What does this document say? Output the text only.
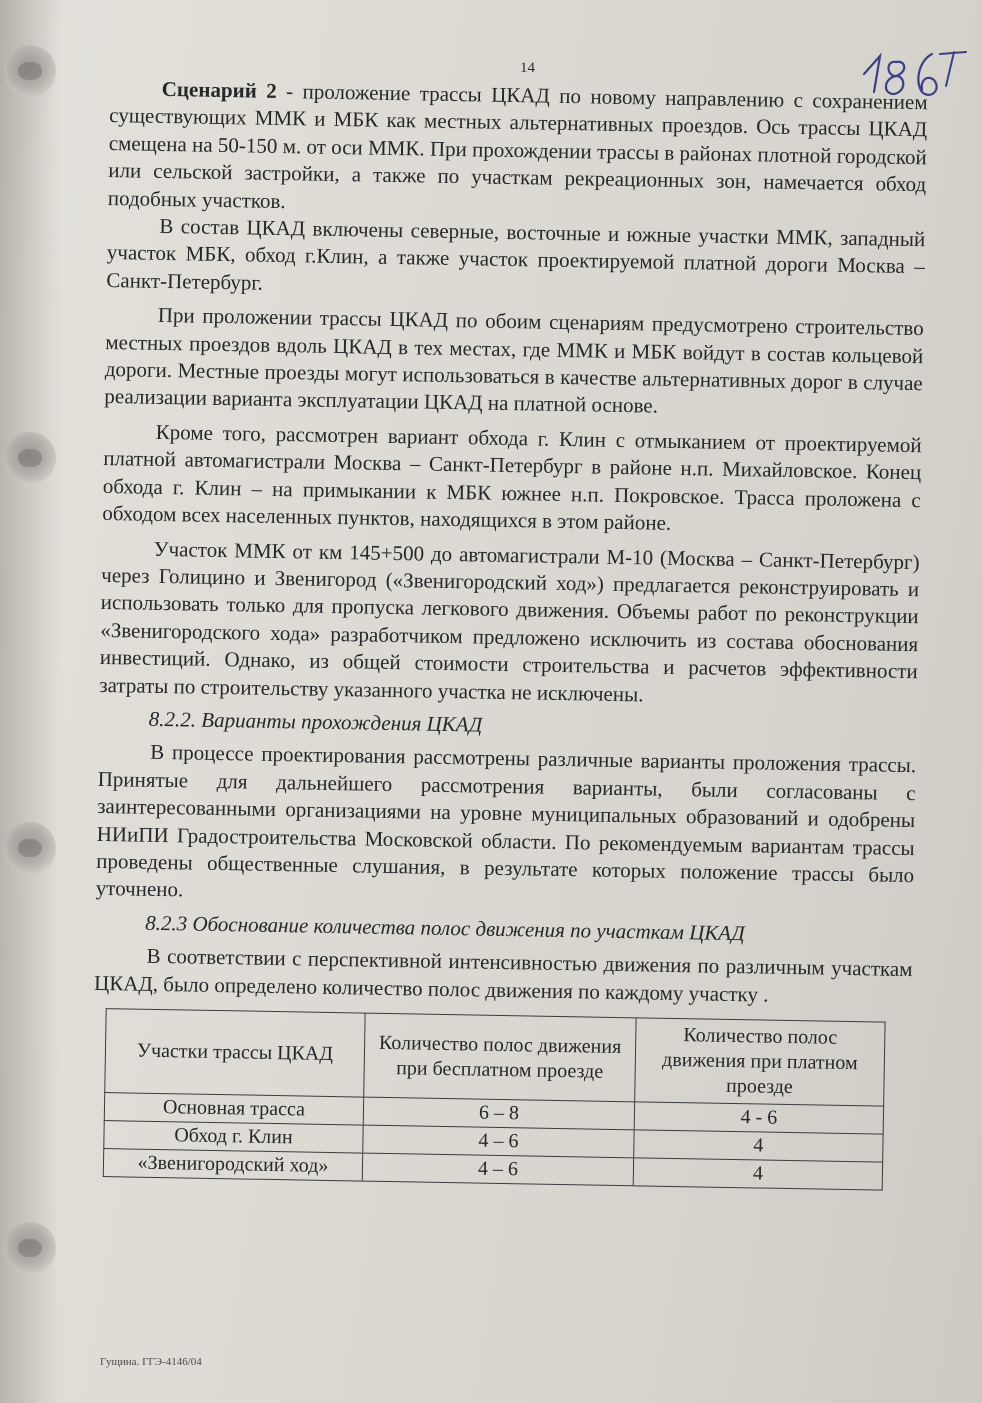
14

Сценарий 2 - проложение трассы ЦКАД по новому направлению с сохранением существующих ММК и МБК как местных альтернативных проездов. Ось трассы ЦКАД смещена на 50-150 м. от оси ММК. При прохождении трассы в районах плотной городской или сельской застройки, а также по участкам рекреационных зон, намечается обход подобных участков.

В состав ЦКАД включены северные, восточные и южные участки ММК, западный участок МБК, обход г.Клин, а также участок проектируемой платной дороги Москва – Санкт-Петербург.

При проложении трассы ЦКАД по обоим сценариям предусмотрено строительство местных проездов вдоль ЦКАД в тех местах, где ММК и МБК войдут в состав кольцевой дороги. Местные проезды могут использоваться в качестве альтернативных дорог в случае реализации варианта эксплуатации ЦКАД на платной основе.

Кроме того, рассмотрен вариант обхода г. Клин с отмыканием от проектируемой платной автомагистрали Москва – Санкт-Петербург в районе н.п. Михайловское. Конец обхода г. Клин – на примыкании к МБК южнее н.п. Покровское. Трасса проложена с обходом всех населенных пунктов, находящихся в этом районе.

Участок ММК от км 145+500 до автомагистрали М-10 (Москва – Санкт-Петербург) через Голицино и Звенигород («Звенигородский ход») предлагается реконструировать и использовать только для пропуска легкового движения. Объемы работ по реконструкции «Звенигородского хода» разработчиком предложено исключить из состава обоснования инвестиций. Однако, из общей стоимости строительства и расчетов эффективности затраты по строительству указанного участка не исключены.

8.2.2. Варианты прохождения ЦКАД

В процессе проектирования рассмотрены различные варианты проложения трассы. Принятые для дальнейшего рассмотрения варианты, были согласованы с заинтересованными организациями на уровне муниципальных образований и одобрены НИиПИ Градостроительства Московской области. По рекомендуемым вариантам трассы проведены общественные слушания, в результате которых положение трассы было уточнено.

8.2.3 Обоснование количества полос движения по участкам ЦКАД

В соответствии с перспективной интенсивностью движения по различным участкам ЦКАД, было определено количество полос движения по каждому участку .

Участки трассы ЦКАД	Количество полос движения при бесплатном проезде	Количество полос движения при платном проезде
Основная трасса	6 – 8	4 - 6
Обход г. Клин	4 – 6	4
«Звенигородский ход»	4 – 6	4
Гущина. ГГЭ-4146/04
